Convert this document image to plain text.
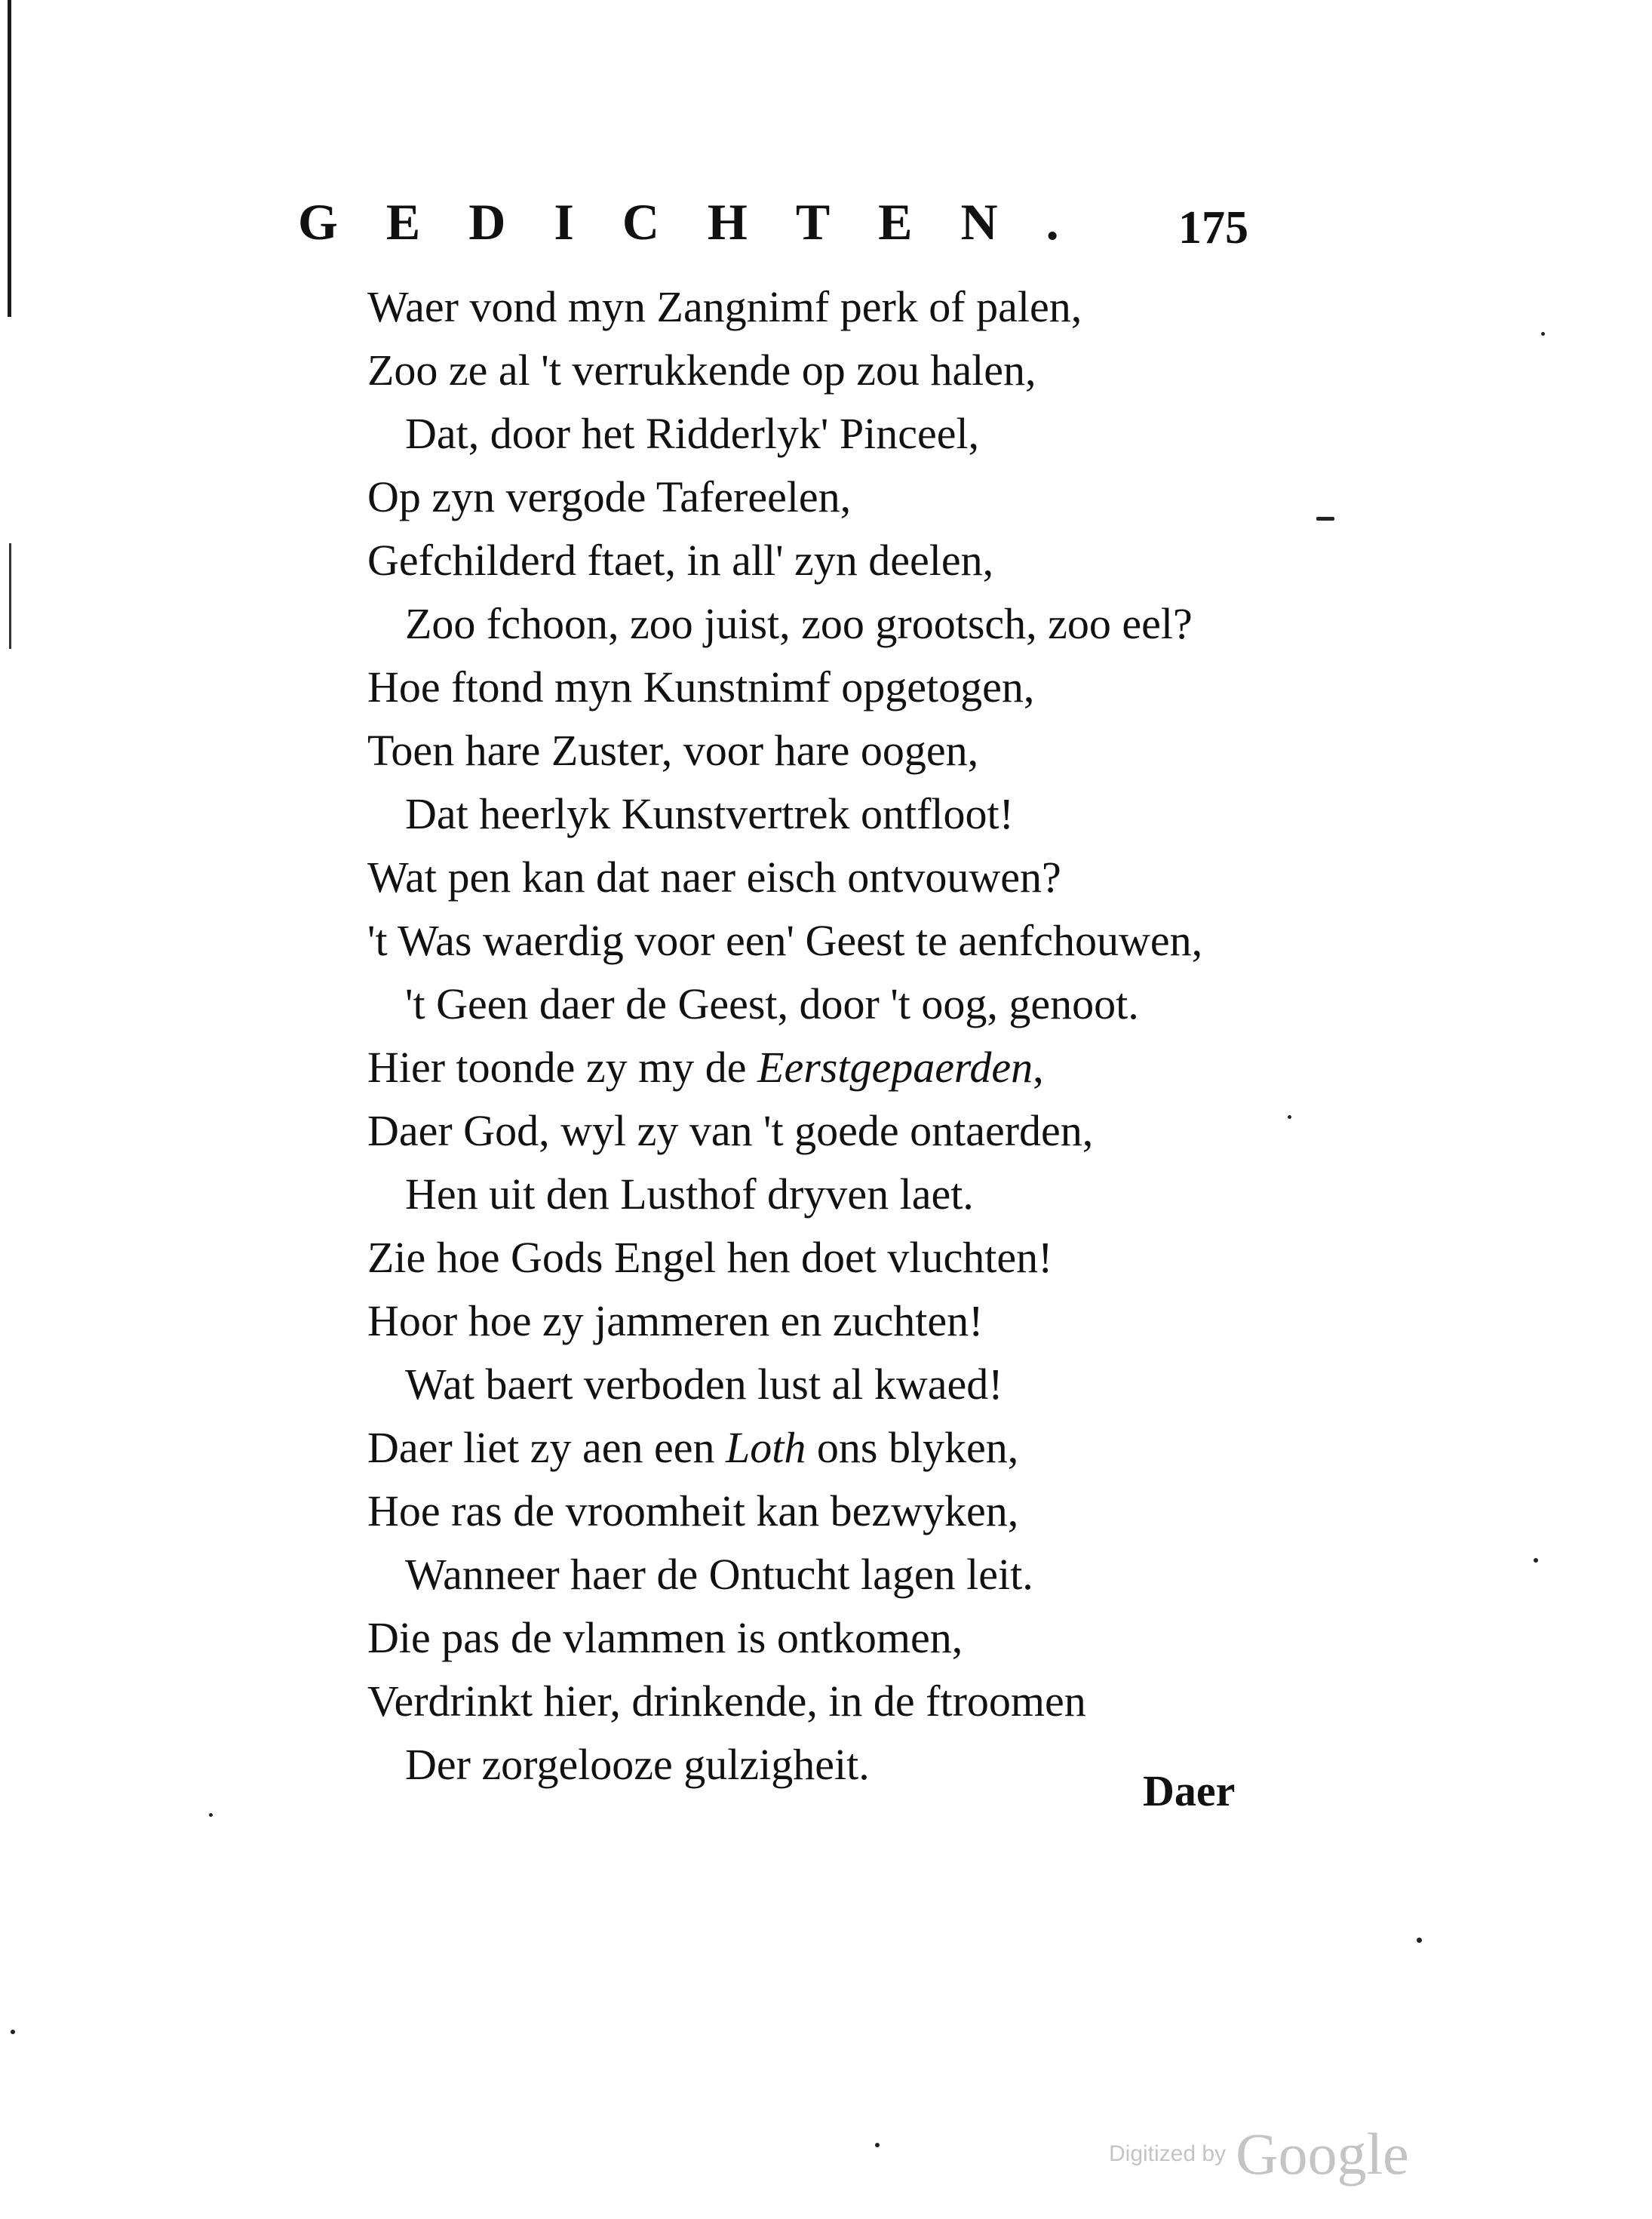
GEDICHTEN. 175
Waer vond myn Zangnimf perk of palen,
Zoo ze al 't verrukkende op zou halen,
Dat, door het Ridderlyk' Pinceel,
Op zyn vergode Tafereelen,
Gefchilderd ftaet, in all' zyn deelen,
Zoo fchoon, zoo juist, zoo grootsch, zoo eel?
Hoe ftond myn Kunstnimf opgetogen,
Toen hare Zuster, voor hare oogen,
Dat heerlyk Kunstvertrek ontfloot!
Wat pen kan dat naer eisch ontvouwen?
't Was waerdig voor een' Geest te aenfchouwen,
't Geen daer de Geest, door 't oog, genoot.
Hier toonde zy my de Eerstgepaerden,
Daer God, wyl zy van 't goede ontaerden,
Hen uit den Lusthof dryven laet.
Zie hoe Gods Engel hen doet vluchten!
Hoor hoe zy jammeren en zuchten!
Wat baert verboden lust al kwaed!
Daer liet zy aen een Loth ons blyken,
Hoe ras de vroomheit kan bezwyken,
Wanneer haer de Ontucht lagen leit.
Die pas de vlammen is ontkomen,
Verdrinkt hier, drinkende, in de ftroomen
Der zorgelooze gulzigheit.
Daer
Digitized by Google
